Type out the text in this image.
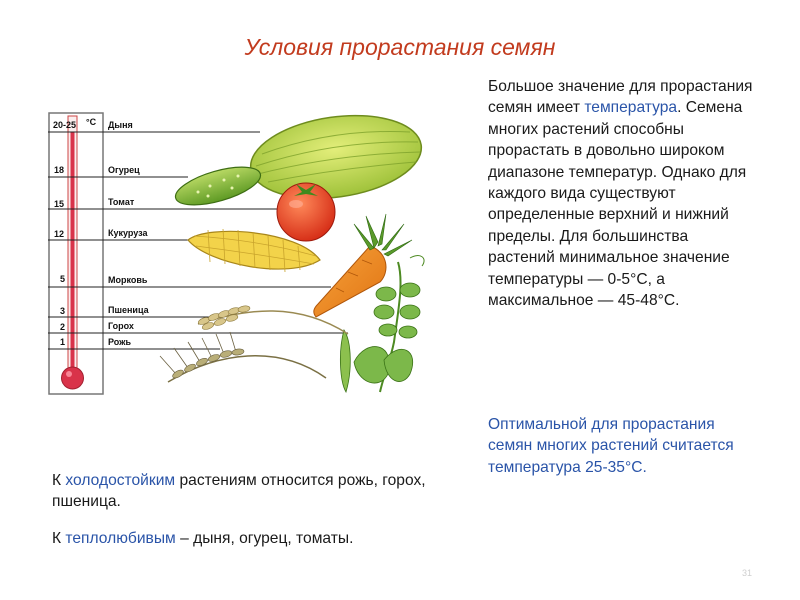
Условия прорастания семян
20-25 °С
18
15
12
5
3
2
1
Дыня
Огурец
Томат
Кукуруза
Морковь
Пшеница
Горох
Рожь
Большое значение для прорастания семян имеет температура. Семена многих растений способны прорастать в довольно широком диапазоне температур. Однако для каждого вида существуют определенные верхний и нижний пределы. Для большинства растений минимальное значение температуры — 0-5°С, а максимальное — 45-48°С.
Оптимальной для прорастания семян многих растений считается температура 25-35°С.
К холодостойким растениям относится рожь, горох, пшеница.
К теплолюбивым – дыня, огурец, томаты.
31
